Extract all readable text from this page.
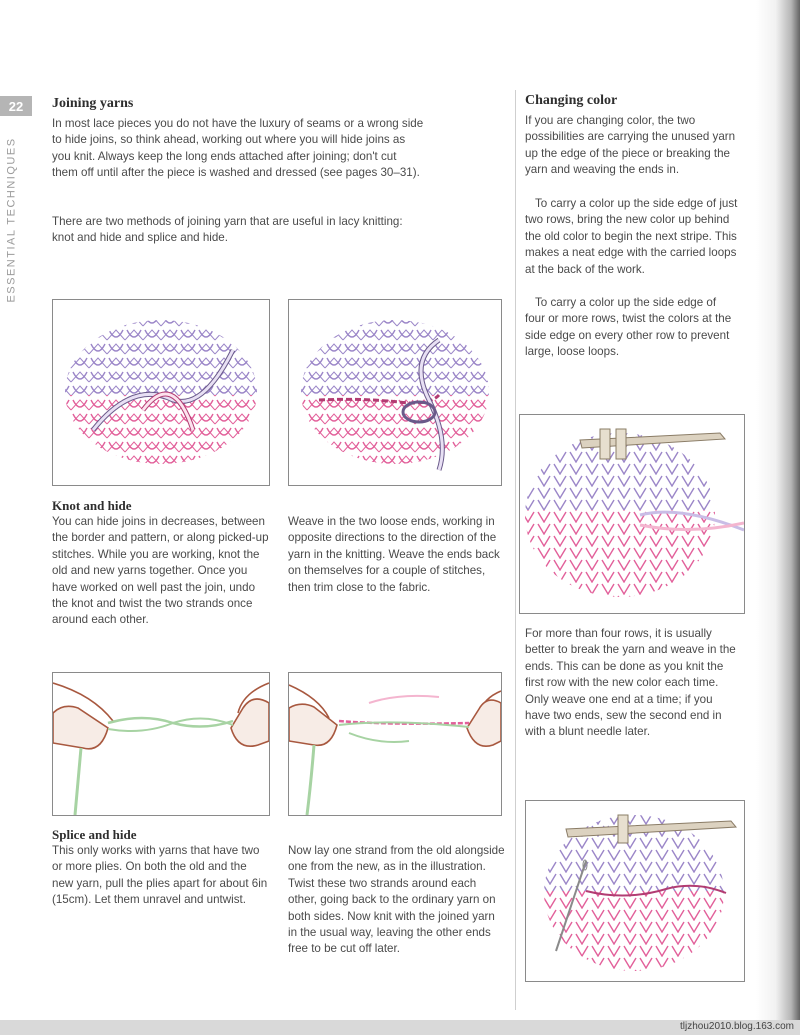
22
ESSENTIAL TECHNIQUES
Joining yarns

In most lace pieces you do not have the luxury of seams or a wrong side to hide joins, so think ahead, working out where you will hide joins as you knit. Always keep the long ends attached after joining; don't cut them off until after the piece is washed and dressed (see pages 30–31).

There are two methods of joining yarn that are useful in lacy knitting: knot and hide and splice and hide.

Knot and hide

You can hide joins in decreases, between the border and pattern, or along picked-up stitches. While you are working, knot the old and new yarns together. Once you have worked on well past the join, undo the knot and twist the two strands once around each other.

Weave in the two loose ends, working in opposite directions to the direction of the yarn in the knitting. Weave the ends back on themselves for a couple of stitches, then trim close to the fabric.

Splice and hide

This only works with yarns that have two or more plies. On both the old and the new yarn, pull the plies apart for about 6in (15cm). Let them unravel and untwist.

Now lay one strand from the old alongside one from the new, as in the illustration. Twist these two strands around each other, going back to the ordinary yarn on both sides. Now knit with the joined yarn in the usual way, leaving the other ends free to be cut off later.

Changing color

If you are changing color, the two possibilities are carrying the unused yarn up the edge of the piece or breaking the yarn and weaving the ends in.

To carry a color up the side edge of just two rows, bring the new color up behind the old color to begin the next stripe. This makes a neat edge with the carried loops at the back of the work.

To carry a color up the side edge of four or more rows, twist the colors at the side edge on every other row to prevent large, loose loops.

For more than four rows, it is usually better to break the yarn and weave in the ends. This can be done as you knit the first row with the new color each time. Only weave one end at a time; if you have two ends, sew the second end in with a blunt needle later.

tljzhou2010.blog.163.com
